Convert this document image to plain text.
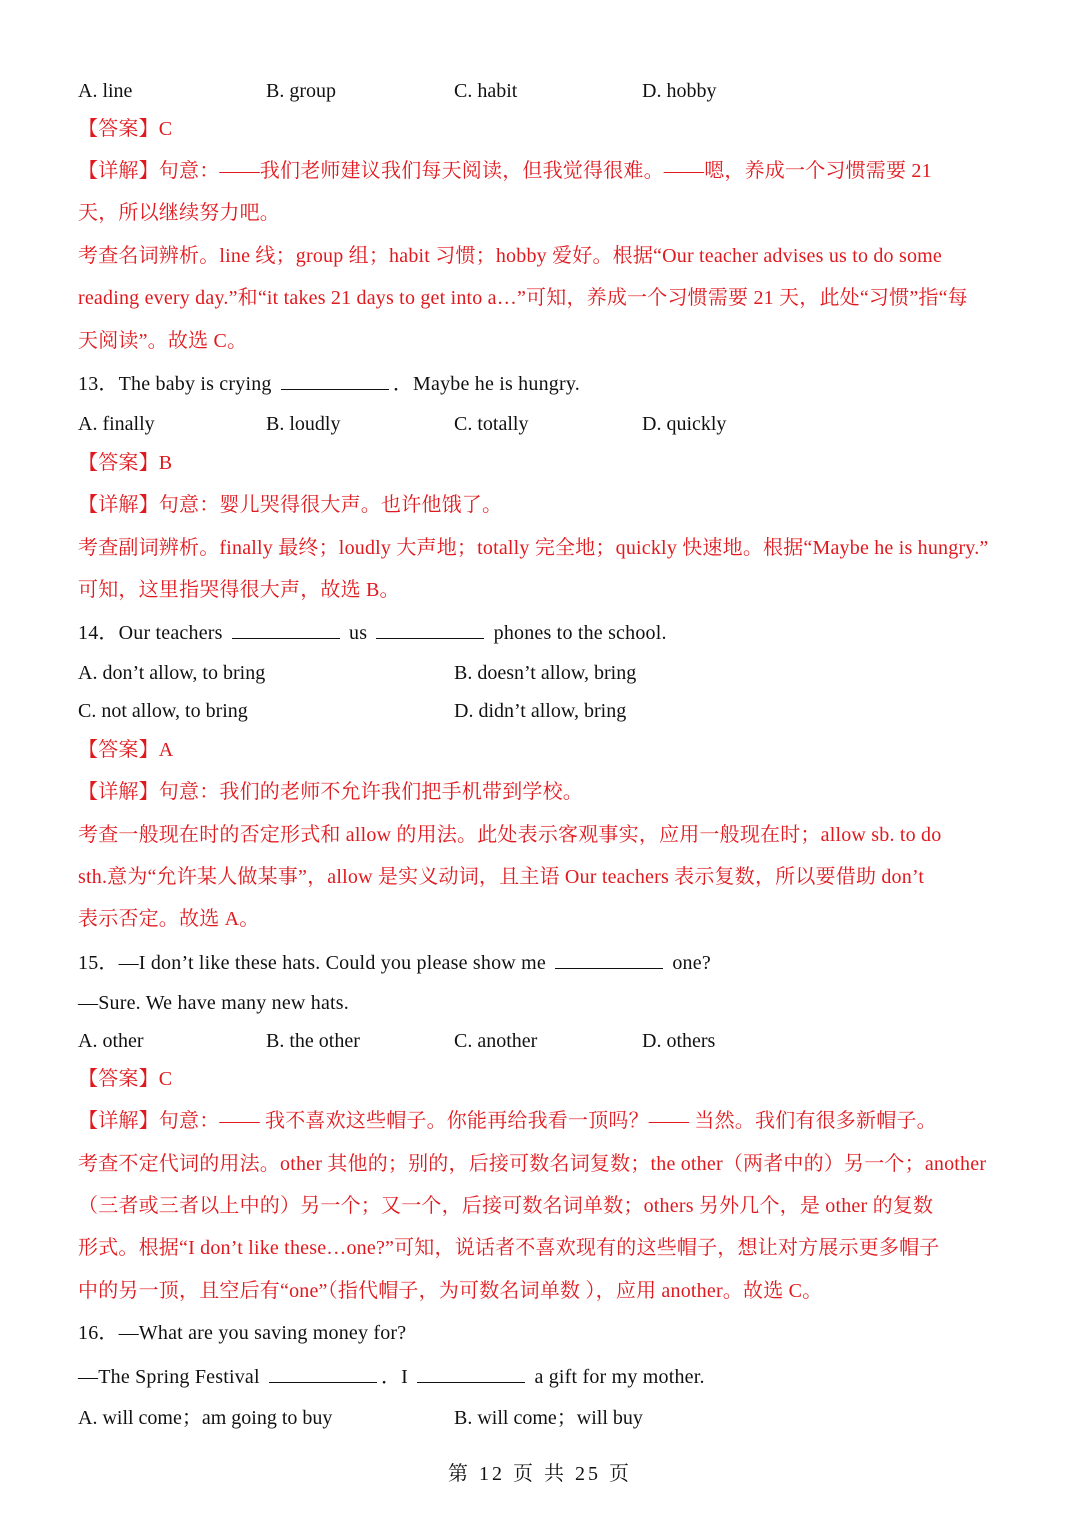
A. line	B. group	C. habit	D. hobby
【答案】C
【详解】句意：——我们老师建议我们每天阅读，但我觉得很难。——嗯，养成一个习惯需要 21
天，所以继续努力吧。
考查名词辨析。line 线；group 组；habit 习惯；hobby 爱好。根据“Our teacher advises us to do some
reading every day.”和“it takes 21 days to get into a…”可知，养成一个习惯需要 21 天，此处“习惯”指“每
天阅读”。故选 C。
13．The baby is crying	．Maybe he is hungry.
A. finally	B. loudly	C. totally	D. quickly
【答案】B
【详解】句意：婴儿哭得很大声。也许他饿了。
考查副词辨析。finally 最终；loudly 大声地；totally 完全地；quickly 快速地。根据“Maybe he is hungry.”
可知，这里指哭得很大声，故选 B。
14．Our teachers	us	phones to the school.
A. don’t allow, to bring	B. doesn’t allow, bring
C. not allow, to bring	D. didn’t allow, bring
【答案】A
【详解】句意：我们的老师不允许我们把手机带到学校。
考查一般现在时的否定形式和 allow 的用法。此处表示客观事实，应用一般现在时；allow sb. to do
sth.意为“允许某人做某事”，allow 是实义动词，且主语 Our teachers 表示复数，所以要借助 don’t
表示否定。故选 A。
15．—I don’t like these hats. Could you please show me	one?
—Sure. We have many new hats.
A. other	B. the other	C. another	D. others
【答案】C
【详解】句意：—— 我不喜欢这些帽子。你能再给我看一顶吗？—— 当然。我们有很多新帽子。
考查不定代词的用法。other 其他的；别的，后接可数名词复数；the other（两者中的）另一个；another
（三者或三者以上中的）另一个；又一个，后接可数名词单数；others 另外几个，是 other 的复数
形式。根据“I don’t like these…one?”可知，说话者不喜欢现有的这些帽子，想让对方展示更多帽子
中的另一顶，且空后有“one”（指代帽子，为可数名词单数 ），应用 another。故选 C。
16．—What are you saving money for?
—The Spring Festival	．I	a gift for my mother.
A. will come；am going to buy	B. will come；will buy
第 12 页 共 25 页
